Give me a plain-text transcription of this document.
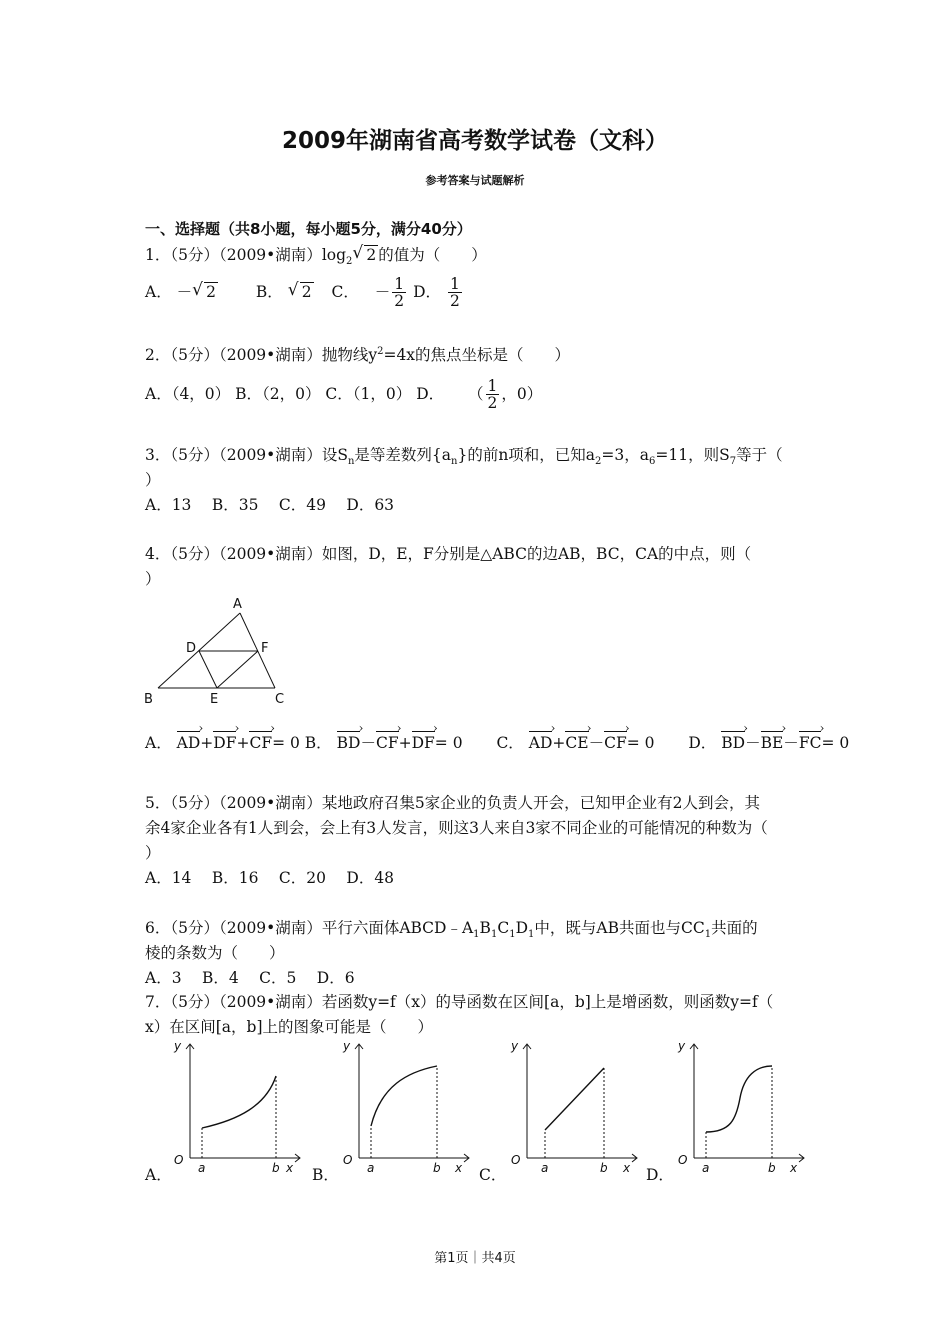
2009年湖南省高考数学试卷（文科）
参考答案与试题解析
一、选择题（共8小题，每小题5分，满分40分）
1．（5分）（2009•湖南）$\log_2√$ 2 的值为（　　）
A． －√ 2	B． √ 2 C． － $\frac{1}{2}$ D． $\frac{1}{2}$
2．（5分）（2009•湖南）抛物线$y^2=4x$的焦点坐标是（　　）
A．（4，0） B．（2，0） C．（1，0） D． （ $\frac{1}{2}$ ，0）
3．（5分）（2009•湖南）设$S_n$是等差数列$\{a_n\}$的前n项和，已知$a_2=3$，$a_6=11$，则$S_7$等于（
）
A．13　 B．35　 C．49　 D．63
4．（5分）（2009•湖南）如图，D，E，F分别是△ABC的边AB，BC，CA的中点，则（
）
A
B	C
D
E
F
A． AD ›+DF ›+CF ›= 0 B． BD ›－CF ›+DF ›= 0 C． AD ›+CE ›－CF ›= 0 D． BD ›－BE ›－FC ›= 0
5．（5分）（2009•湖南）某地政府召集5家企业的负责人开会，已知甲企业有2人到会，其
余4家企业各有1人到会，会上有3人发言，则这3人来自3家不同企业的可能情况的种数为（
）
A．14　 B．16　 C．20　 D．48
6．（5分）（2009•湖南）平行六面体$ABCD﹣A_1B_1C_1D_1$中，既与AB共面也与$CC_1$共面的
棱的条数为（　　）
A．3　 B．4　 C．5　 D．6
7．（5分）（2009•湖南）若函数y=f（x）的导函数在区间[a，b]上是增函数，则函数y=f（
x）在区间[a，b]上的图象可能是（　　）
A．	B．	C．	D．
y
O
a	b x
y
O
a	b x
y
O
a	b x
y
O
a	b x
第1页｜共4页
